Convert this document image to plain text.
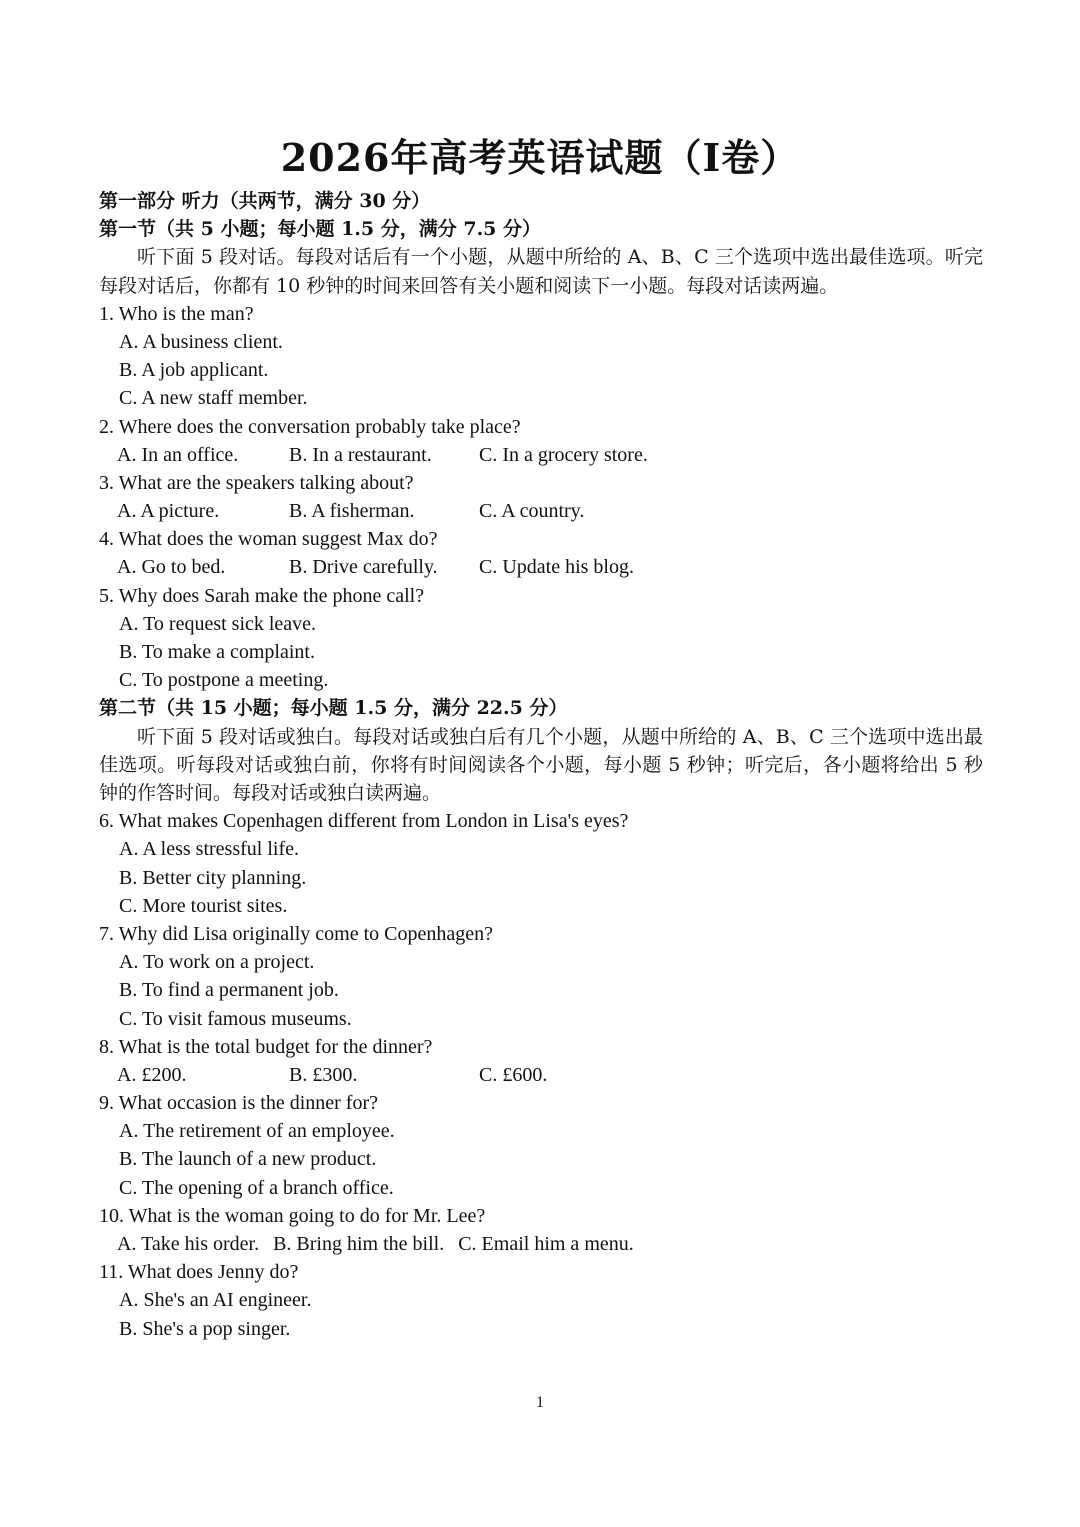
2026年高考英语试题（I卷）
第一部分 听力（共两节，满分 30 分）
第一节（共 5 小题；每小题 1.5 分，满分 7.5 分）
听下面 5 段对话。每段对话后有一个小题，从题中所给的 A、B、C 三个选项中选出最佳选项。听完每段对话后，你都有 10 秒钟的时间来回答有关小题和阅读下一小题。每段对话读两遍。
1. Who is the man?
A. A business client.
B. A job applicant.
C. A new staff member.
2. Where does the conversation probably take place?
A. In an office.	B. In a restaurant.	C. In a grocery store.
3. What are the speakers talking about?
A. A picture.	B. A fisherman.	C. A country.
4. What does the woman suggest Max do?
A. Go to bed.	B. Drive carefully.	C. Update his blog.
5. Why does Sarah make the phone call?
A. To request sick leave.
B. To make a complaint.
C. To postpone a meeting.
第二节（共 15 小题；每小题 1.5 分，满分 22.5 分）
听下面 5 段对话或独白。每段对话或独白后有几个小题，从题中所给的 A、B、C 三个选项中选出最佳选项。听每段对话或独白前，你将有时间阅读各个小题，每小题 5 秒钟；听完后，各小题将给出 5 秒钟的作答时间。每段对话或独白读两遍。
6. What makes Copenhagen different from London in Lisa's eyes?
A. A less stressful life.
B. Better city planning.
C. More tourist sites.
7. Why did Lisa originally come to Copenhagen?
A. To work on a project.
B. To find a permanent job.
C. To visit famous museums.
8. What is the total budget for the dinner?
A. £200.	B. £300.	C. £600.
9. What occasion is the dinner for?
A. The retirement of an employee.
B. The launch of a new product.
C. The opening of a branch office.
10. What is the woman going to do for Mr. Lee?
A. Take his order. B. Bring him the bill. C. Email him a menu.
11. What does Jenny do?
A. She's an AI engineer.
B. She's a pop singer.
1
